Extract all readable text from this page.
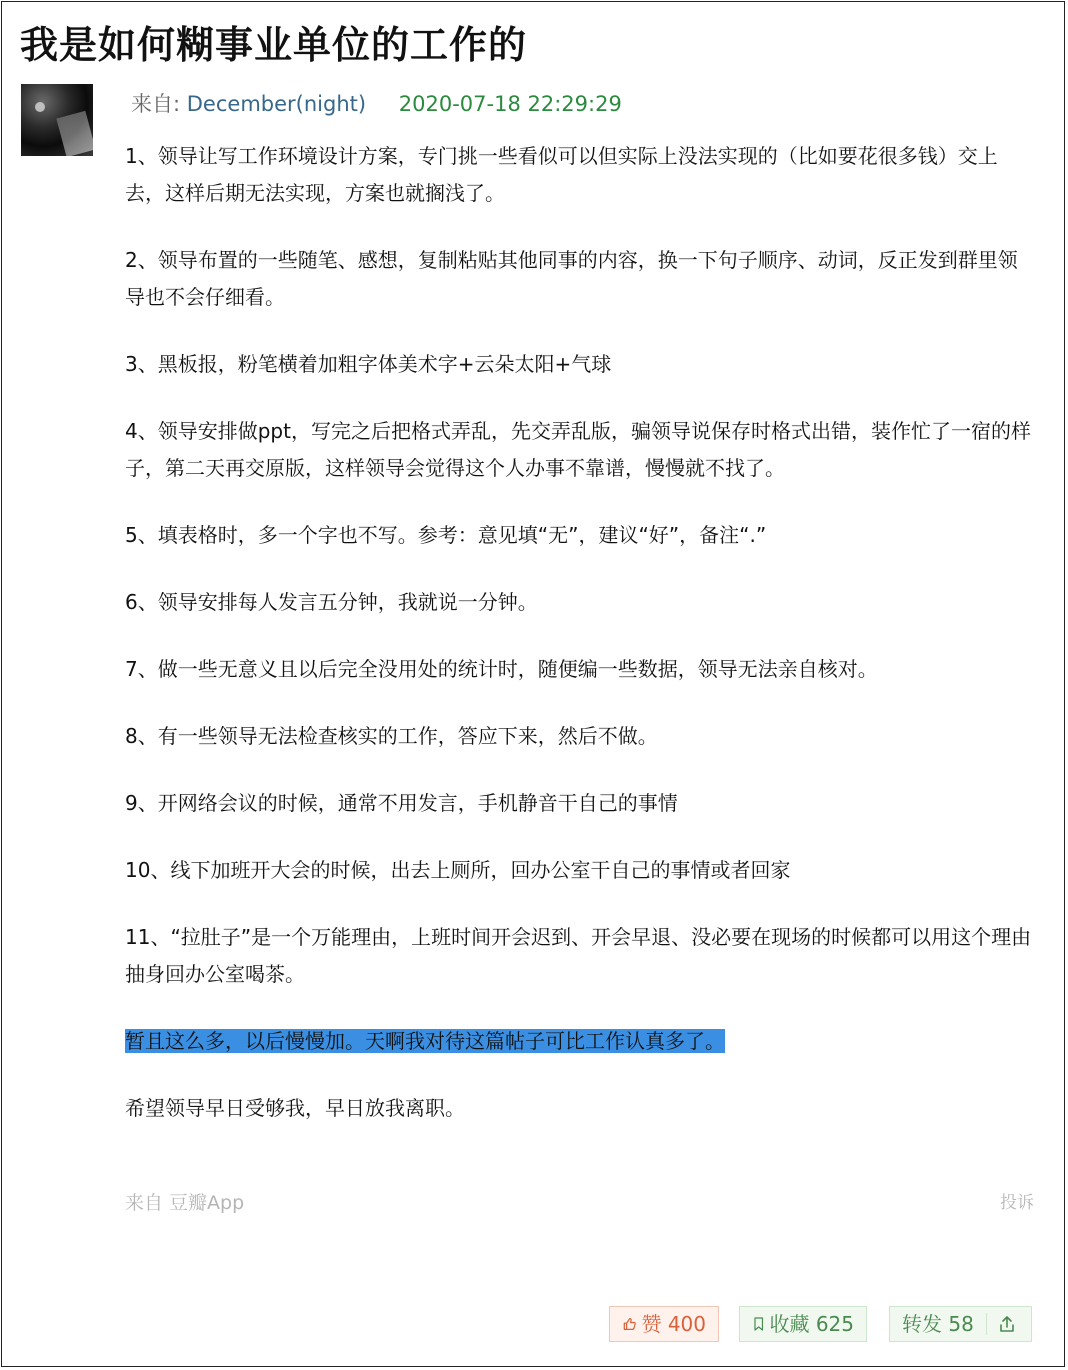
我是如何糊事业单位的工作的
来自: December(night) 2020-07-18 22:29:29

1、领导让写工作环境设计方案，专门挑一些看似可以但实际上没法实现的（比如要花很多钱）交上去，这样后期无法实现，方案也就搁浅了。

2、领导布置的一些随笔、感想，复制粘贴其他同事的内容，换一下句子顺序、动词，反正发到群里领导也不会仔细看。

3、黑板报，粉笔横着加粗字体美术字+云朵太阳+气球

4、领导安排做ppt，写完之后把格式弄乱，先交弄乱版，骗领导说保存时格式出错，装作忙了一宿的样子，第二天再交原版，这样领导会觉得这个人办事不靠谱，慢慢就不找了。

5、填表格时，多一个字也不写。参考：意见填“无”，建议“好”，备注“.”

6、领导安排每人发言五分钟，我就说一分钟。

7、做一些无意义且以后完全没用处的统计时，随便编一些数据，领导无法亲自核对。

8、有一些领导无法检查核实的工作，答应下来，然后不做。

9、开网络会议的时候，通常不用发言，手机静音干自己的事情

10、线下加班开大会的时候，出去上厕所，回办公室干自己的事情或者回家

11、“拉肚子”是一个万能理由，上班时间开会迟到、开会早退、没必要在现场的时候都可以用这个理由抽身回办公室喝茶。

暂且这么多，以后慢慢加。天啊我对待这篇帖子可比工作认真多了。

希望领导早日受够我，早日放我离职。

来自 豆瓣App	投诉
赞
400	收藏
625 转发
58
